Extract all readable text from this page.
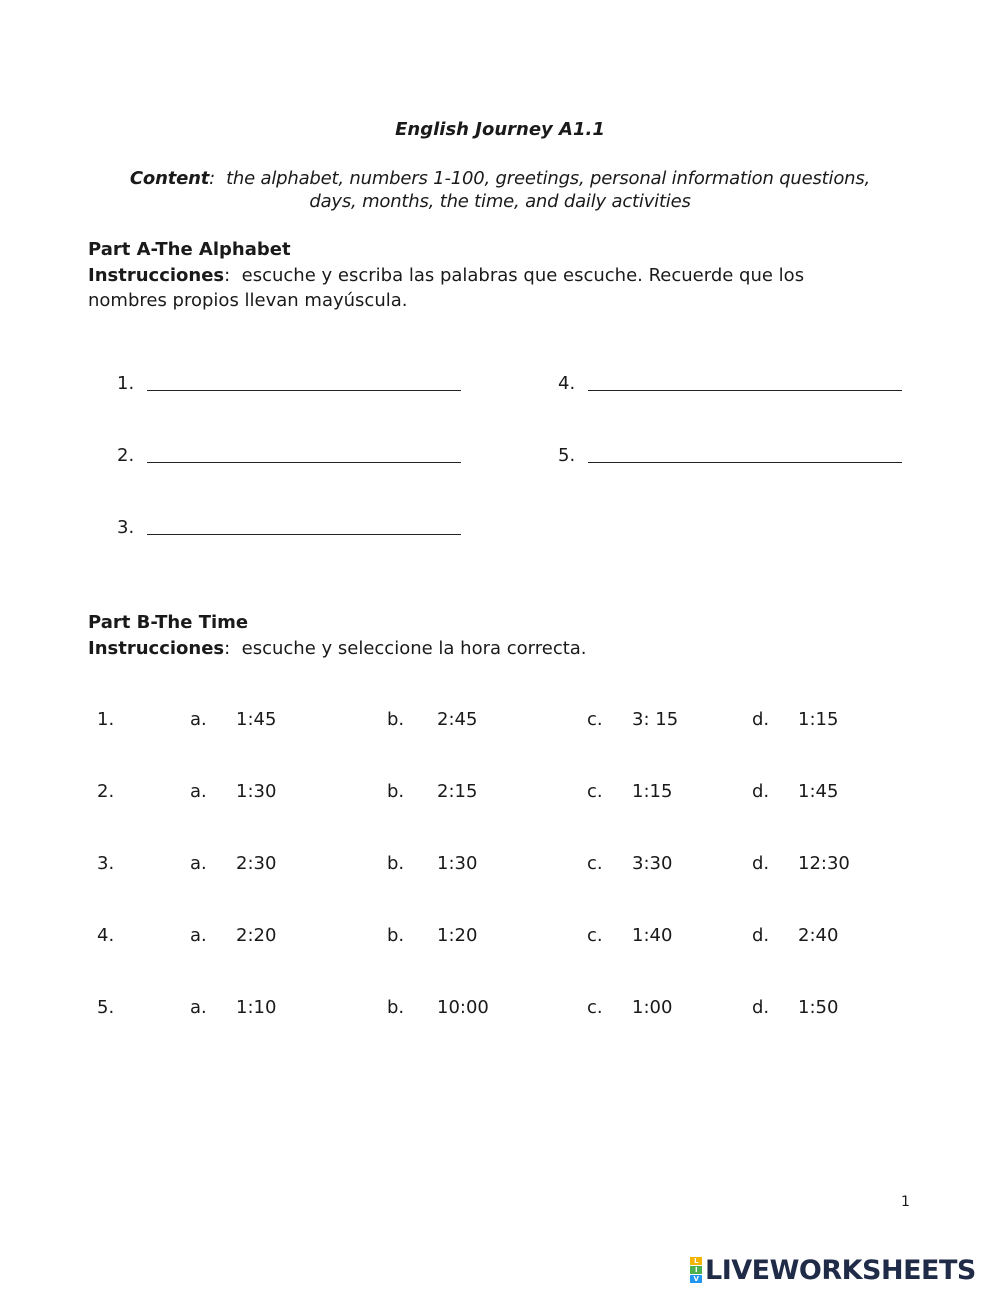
English Journey A1.1
Content:  the alphabet, numbers 1-100, greetings, personal information questions,
days, months, the time, and daily activities
Part A-The Alphabet
Instrucciones:  escuche y escriba las palabras que escuche. Recuerde que los
nombres propios llevan mayúscula.
1.
2.
3.
4.
5.
Part B-The Time
Instrucciones:  escuche y seleccione la hora correcta.
1.	a. 1:45	b. 2:45	c. 3: 15	d. 1:15
2.	a. 1:30	b. 2:15	c. 1:15	d. 1:45
3.	a. 2:30	b. 1:30	c. 3:30	d. 12:30
4.	a. 2:20	b. 1:20	c. 1:40	d. 2:40
5.	a. 1:10	b. 10:00	c. 1:00	d. 1:50
1
L
I
V LIVEWORKSHEETS
